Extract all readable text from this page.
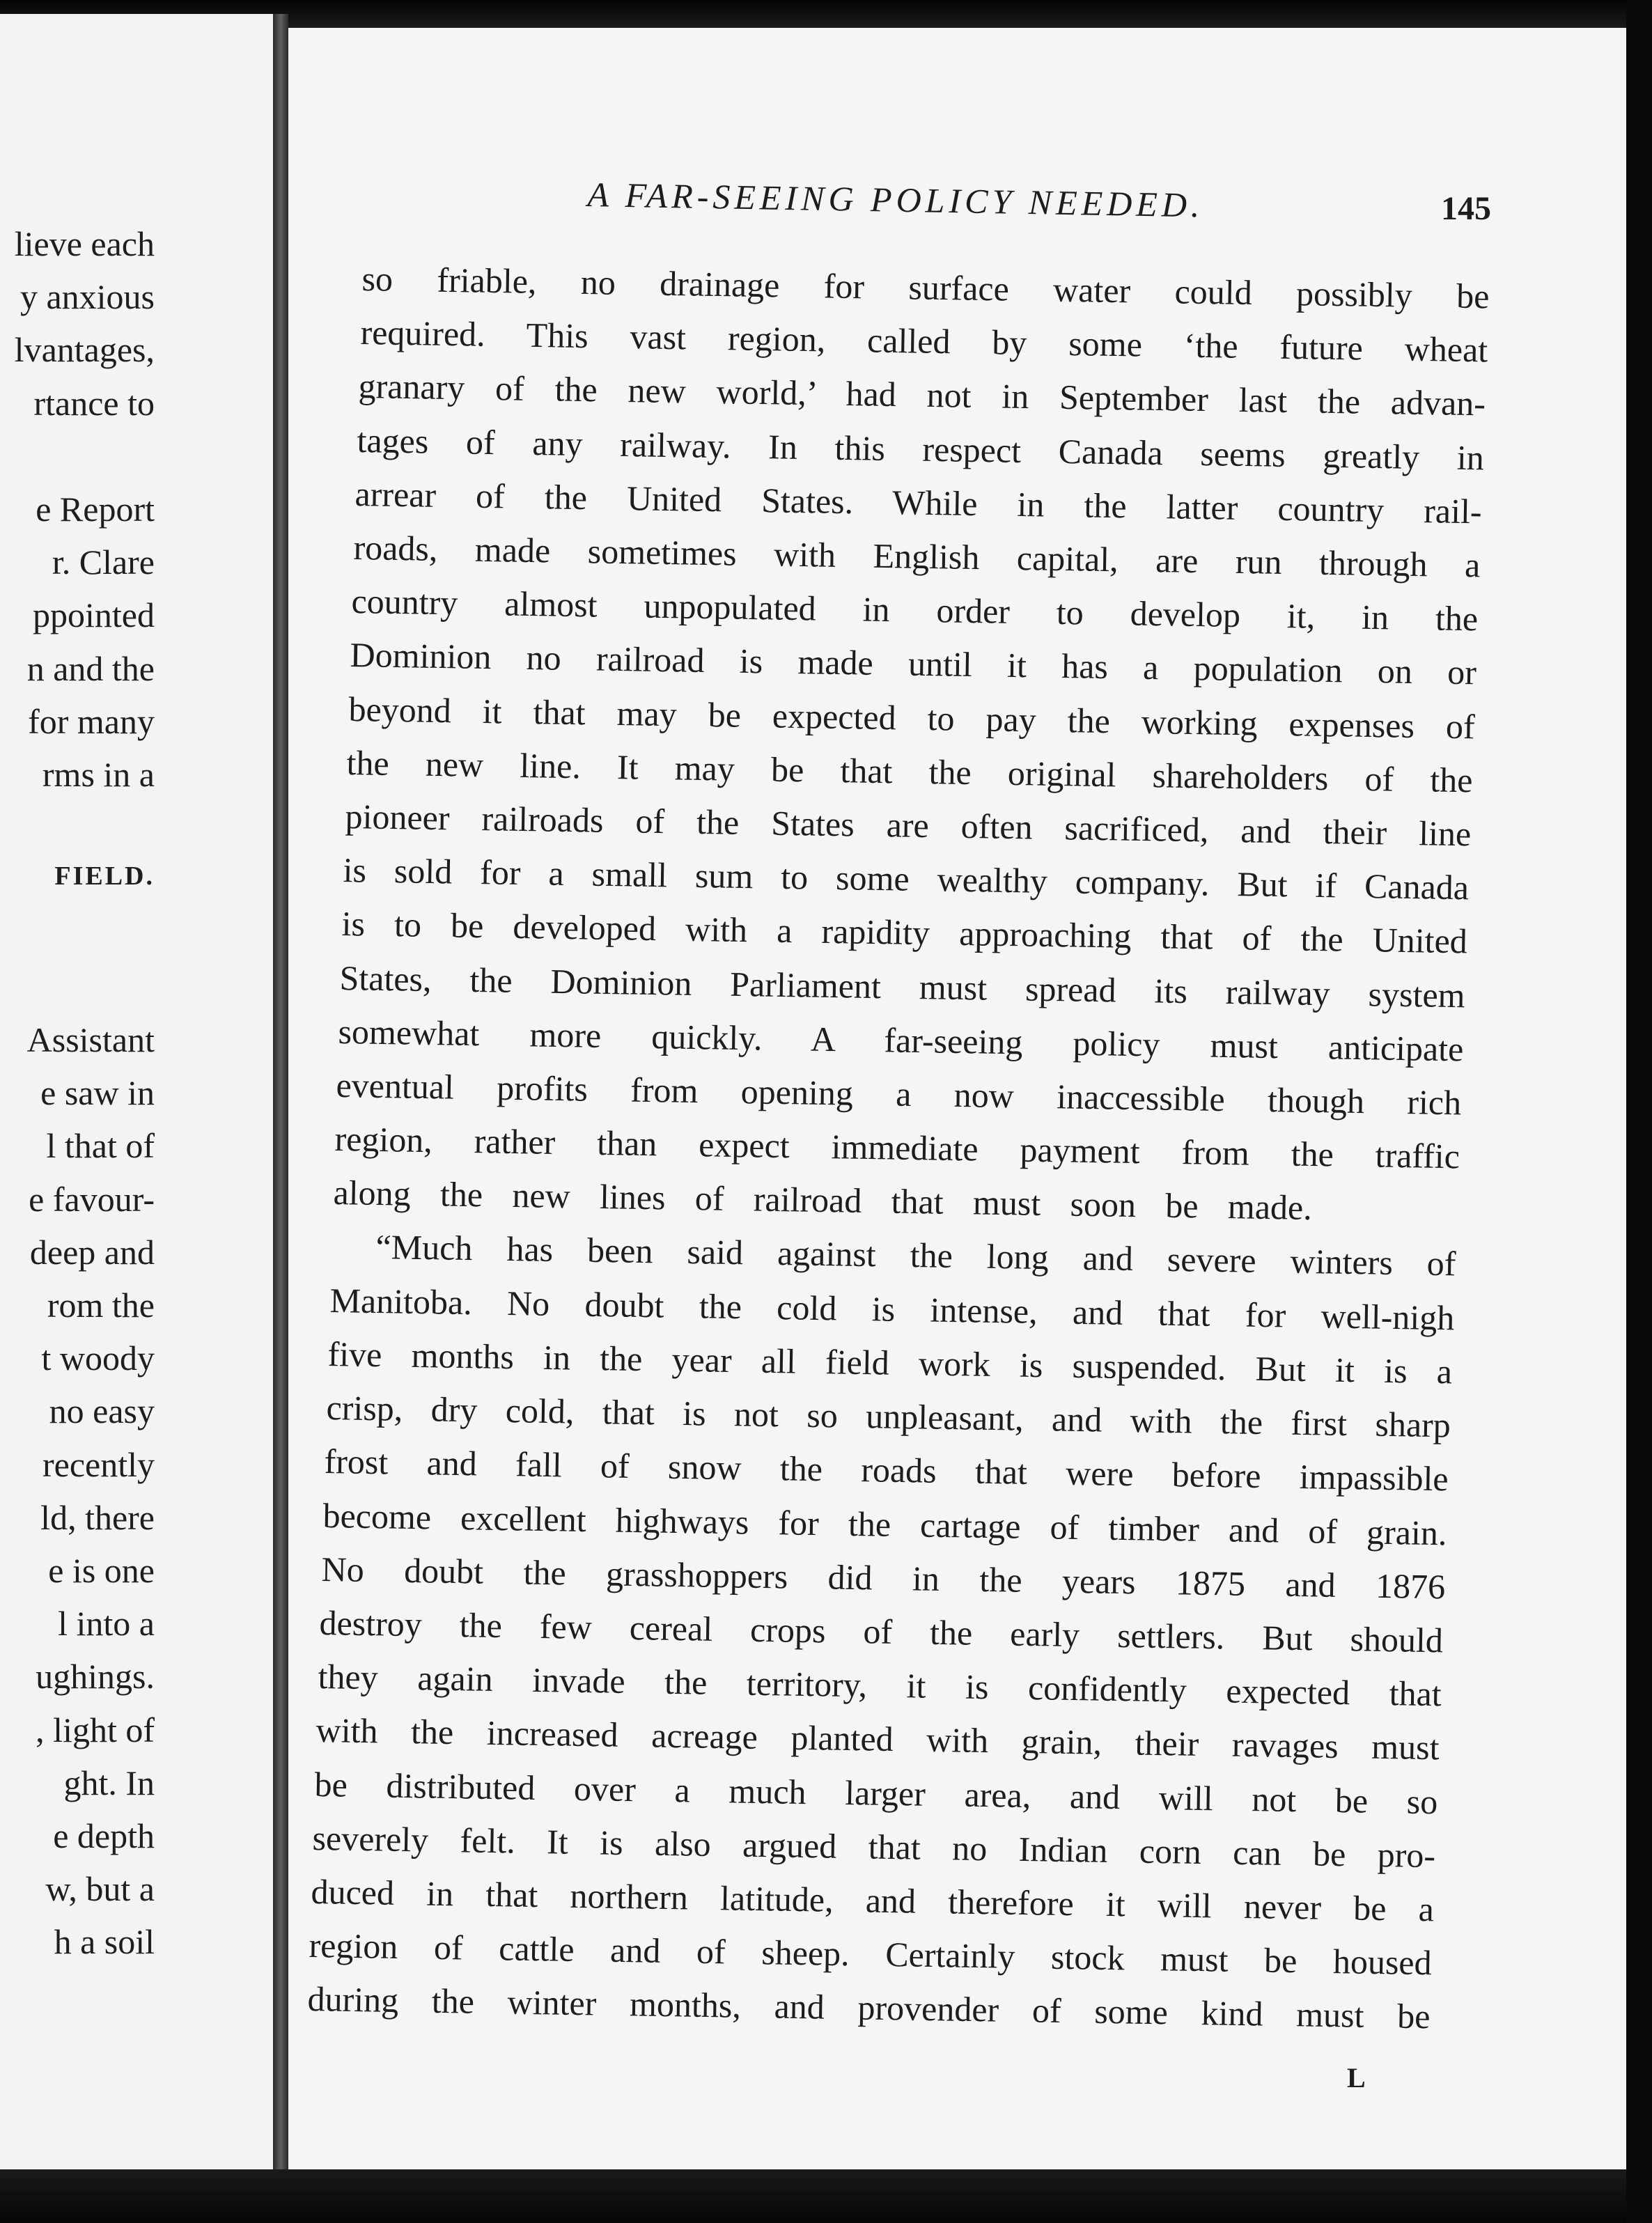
lieve each
y anxious
lvantages,
rtance to
e Report
r. Clare
ppointed
n and the
for many
rms in a
FIELD.
Assistant
e saw in
l that of
e favour-
deep and
rom the
t woody
no easy
recently
ld, there
e is one
l into a
ughings.
, light of
ght. In
e depth
w, but a
h a soil
A FAR-SEEING POLICY NEEDED.	145
so friable, no drainage for surface water could possibly be
required. This vast region, called by some ‘the future wheat
granary of the new world,’ had not in September last the advan-
tages of any railway. In this respect Canada seems greatly in
arrear of the United States. While in the latter country rail-
roads, made sometimes with English capital, are run through a
country almost unpopulated in order to develop it, in the
Dominion no railroad is made until it has a population on or
beyond it that may be expected to pay the working expenses of
the new line. It may be that the original shareholders of the
pioneer railroads of the States are often sacrificed, and their line
is sold for a small sum to some wealthy company. But if Canada
is to be developed with a rapidity approaching that of the United
States, the Dominion Parliament must spread its railway system
somewhat more quickly. A far-seeing policy must anticipate
eventual profits from opening a now inaccessible though rich
region, rather than expect immediate payment from the traffic
along the new lines of railroad that must soon be made.
“Much has been said against the long and severe winters of
Manitoba. No doubt the cold is intense, and that for well-nigh
five months in the year all field work is suspended. But it is a
crisp, dry cold, that is not so unpleasant, and with the first sharp
frost and fall of snow the roads that were before impassible
become excellent highways for the cartage of timber and of grain.
No doubt the grasshoppers did in the years 1875 and 1876
destroy the few cereal crops of the early settlers. But should
they again invade the territory, it is confidently expected that
with the increased acreage planted with grain, their ravages must
be distributed over a much larger area, and will not be so
severely felt. It is also argued that no Indian corn can be pro-
duced in that northern latitude, and therefore it will never be a
region of cattle and of sheep. Certainly stock must be housed
during the winter months, and provender of some kind must be
L
